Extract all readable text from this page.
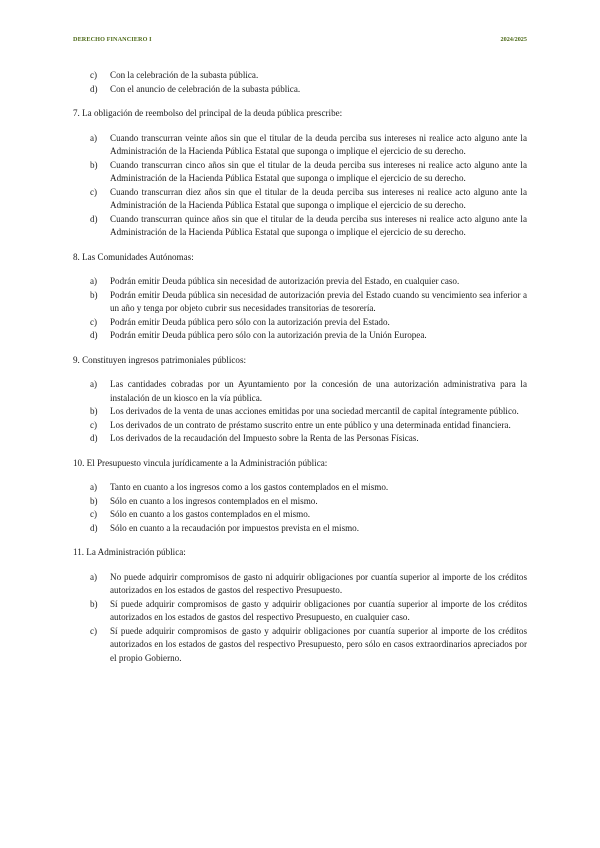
DERECHO FINANCIERO I	2024/2025
c) Con la celebración de la subasta pública.
d) Con el anuncio de celebración de la subasta pública.

7. La obligación de reembolso del principal de la deuda pública prescribe:

a) Cuando transcurran veinte años sin que el titular de la deuda perciba sus intereses ni realice acto alguno ante la Administración de la Hacienda Pública Estatal que suponga o implique el ejercicio de su derecho.
b) Cuando transcurran cinco años sin que el titular de la deuda perciba sus intereses ni realice acto alguno ante la Administración de la Hacienda Pública Estatal que suponga o implique el ejercicio de su derecho.
c) Cuando transcurran diez años sin que el titular de la deuda perciba sus intereses ni realice acto alguno ante la Administración de la Hacienda Pública Estatal que suponga o implique el ejercicio de su derecho.
d) Cuando transcurran quince años sin que el titular de la deuda perciba sus intereses ni realice acto alguno ante la Administración de la Hacienda Pública Estatal que suponga o implique el ejercicio de su derecho.

8. Las Comunidades Autónomas:

a) Podrán emitir Deuda pública sin necesidad de autorización previa del Estado, en cualquier caso.
b) Podrán emitir Deuda pública sin necesidad de autorización previa del Estado cuando su vencimiento sea inferior a un año y tenga por objeto cubrir sus necesidades transitorias de tesorería.
c) Podrán emitir Deuda pública pero sólo con la autorización previa del Estado.
d) Podrán emitir Deuda pública pero sólo con la autorización previa de la Unión Europea.

9. Constituyen ingresos patrimoniales públicos:

a) Las cantidades cobradas por un Ayuntamiento por la concesión de una autorización administrativa para la instalación de un kiosco en la vía pública.
b) Los derivados de la venta de unas acciones emitidas por una sociedad mercantil de capital íntegramente público.
c) Los derivados de un contrato de préstamo suscrito entre un ente público y una determinada entidad financiera.
d) Los derivados de la recaudación del Impuesto sobre la Renta de las Personas Físicas.

10. El Presupuesto vincula jurídicamente a la Administración pública:

a) Tanto en cuanto a los ingresos como a los gastos contemplados en el mismo.
b) Sólo en cuanto a los ingresos contemplados en el mismo.
c) Sólo en cuanto a los gastos contemplados en el mismo.
d) Sólo en cuanto a la recaudación por impuestos prevista en el mismo.

11. La Administración pública:

a) No puede adquirir compromisos de gasto ni adquirir obligaciones por cuantía superior al importe de los créditos autorizados en los estados de gastos del respectivo Presupuesto.
b) Sí puede adquirir compromisos de gasto y adquirir obligaciones por cuantía superior al importe de los créditos autorizados en los estados de gastos del respectivo Presupuesto, en cualquier caso.
c) Sí puede adquirir compromisos de gasto y adquirir obligaciones por cuantía superior al importe de los créditos autorizados en los estados de gastos del respectivo Presupuesto, pero sólo en casos extraordinarios apreciados por el propio Gobierno.
